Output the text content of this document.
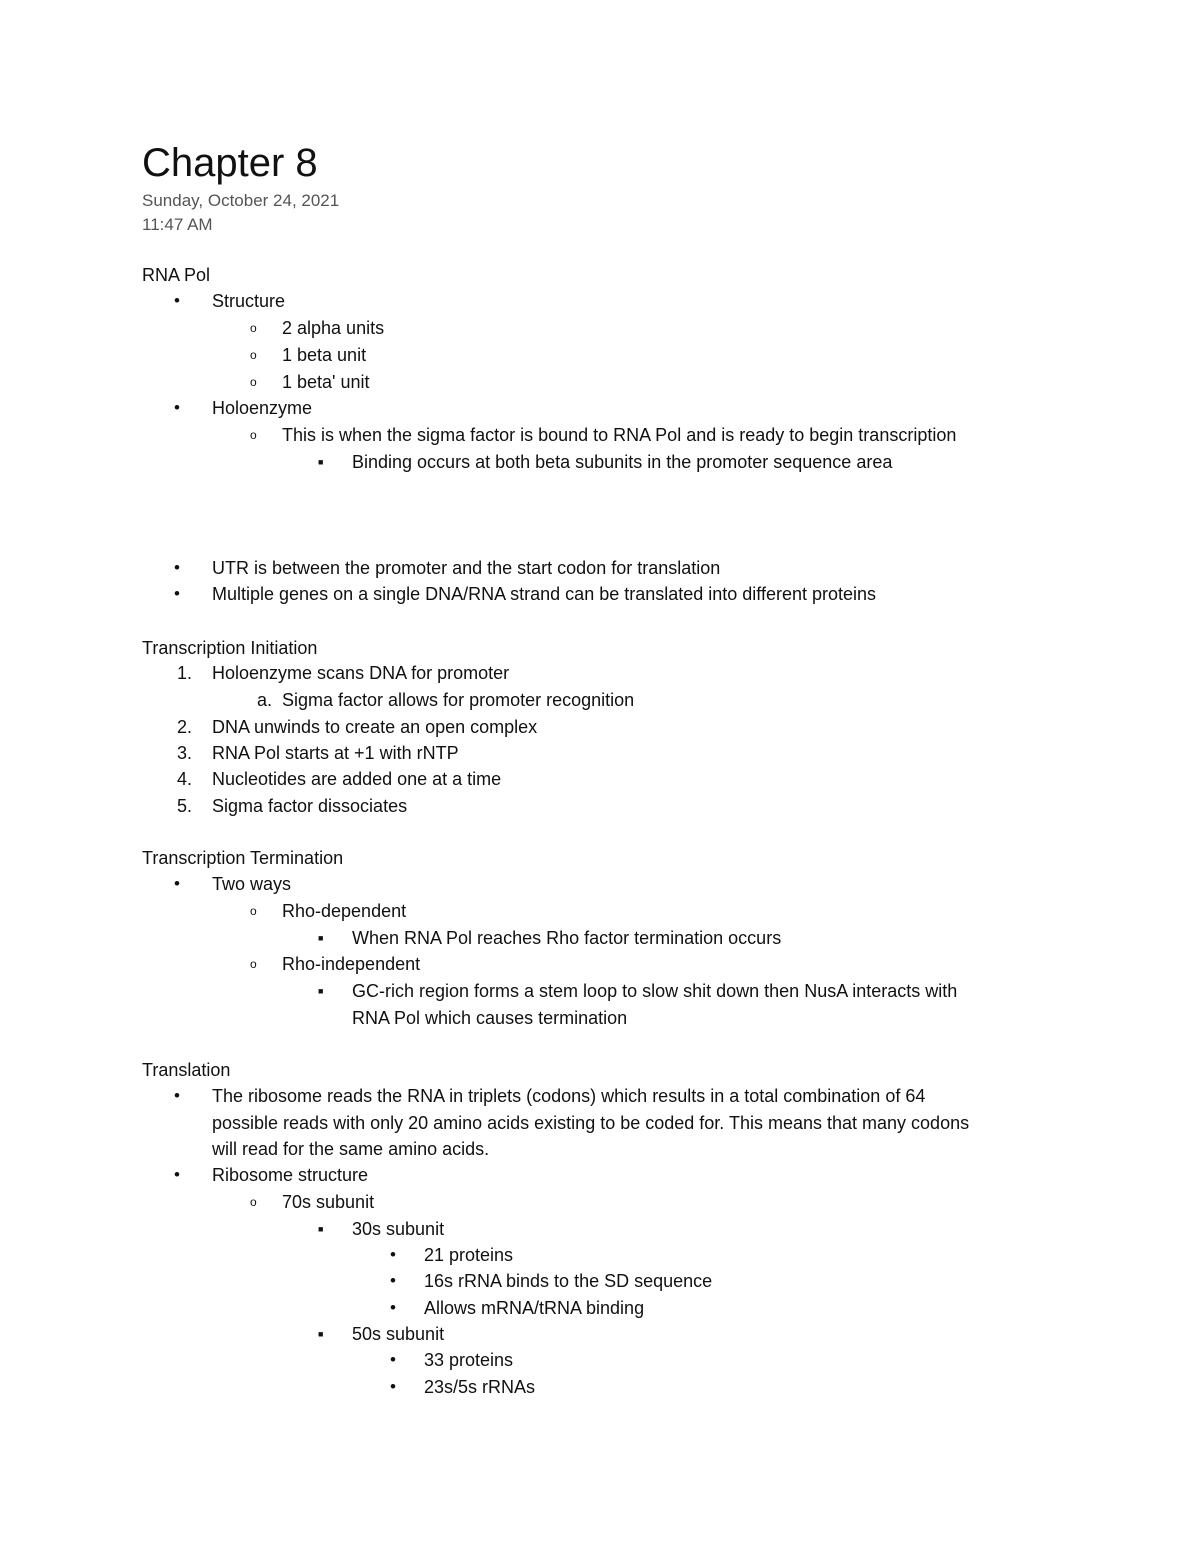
Chapter 8
Sunday, October 24, 2021
11:47 AM
RNA Pol
• Structure
o 2 alpha units
o 1 beta unit
o 1 beta' unit
• Holoenzyme
o This is when the sigma factor is bound to RNA Pol and is ready to begin transcription
■ Binding occurs at both beta subunits in the promoter sequence area
• UTR is between the promoter and the start codon for translation
• Multiple genes on a single DNA/RNA strand can be translated into different proteins
Transcription Initiation
1. Holoenzyme scans DNA for promoter
a. Sigma factor allows for promoter recognition
2. DNA unwinds to create an open complex
3. RNA Pol starts at +1 with rNTP
4. Nucleotides are added one at a time
5. Sigma factor dissociates
Transcription Termination
• Two ways
o Rho-dependent
■ When RNA Pol reaches Rho factor termination occurs
o Rho-independent
■ GC-rich region forms a stem loop to slow shit down then NusA interacts with
RNA Pol which causes termination
Translation
• The ribosome reads the RNA in triplets (codons) which results in a total combination of 64
possible reads with only 20 amino acids existing to be coded for. This means that many codons
will read for the same amino acids.
• Ribosome structure
o 70s subunit
■ 30s subunit
• 21 proteins
• 16s rRNA binds to the SD sequence
• Allows mRNA/tRNA binding
■ 50s subunit
• 33 proteins
• 23s/5s rRNAs
